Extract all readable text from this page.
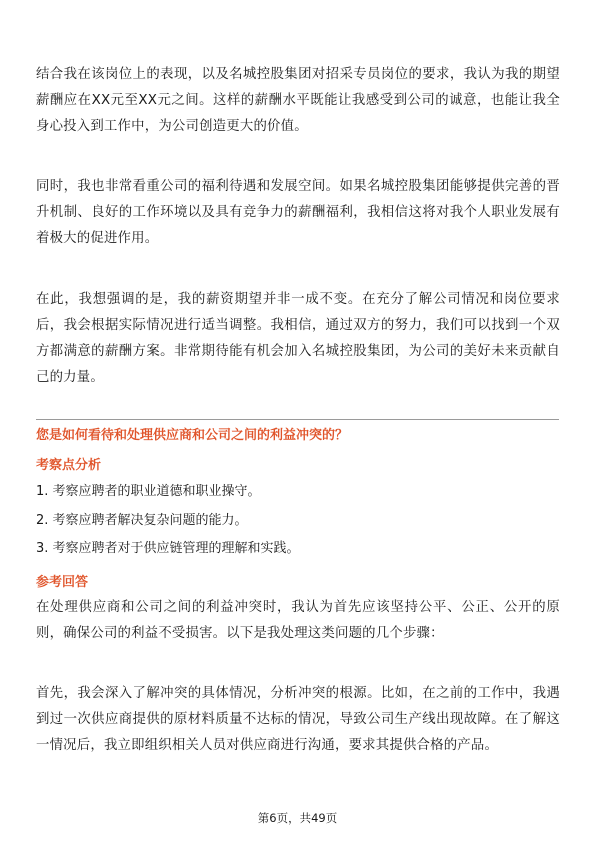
结合我在该岗位上的表现，以及名城控股集团对招采专员岗位的要求，我认为我的期望薪酬应在XX元至XX元之间。这样的薪酬水平既能让我感受到公司的诚意，也能让我全身心投入到工作中，为公司创造更大的价值。

同时，我也非常看重公司的福利待遇和发展空间。如果名城控股集团能够提供完善的晋升机制、良好的工作环境以及具有竞争力的薪酬福利，我相信这将对我个人职业发展有着极大的促进作用。

在此，我想强调的是，我的薪资期望并非一成不变。在充分了解公司情况和岗位要求后，我会根据实际情况进行适当调整。我相信，通过双方的努力，我们可以找到一个双方都满意的薪酬方案。非常期待能有机会加入名城控股集团，为公司的美好未来贡献自己的力量。

您是如何看待和处理供应商和公司之间的利益冲突的？

考察点分析

1. 考察应聘者的职业道德和职业操守。

2. 考察应聘者解决复杂问题的能力。

3. 考察应聘者对于供应链管理的理解和实践。

参考回答

在处理供应商和公司之间的利益冲突时，我认为首先应该坚持公平、公正、公开的原则，确保公司的利益不受损害。以下是我处理这类问题的几个步骤：

首先，我会深入了解冲突的具体情况，分析冲突的根源。比如，在之前的工作中，我遇到过一次供应商提供的原材料质量不达标的情况，导致公司生产线出现故障。在了解这一情况后，我立即组织相关人员对供应商进行沟通，要求其提供合格的产品。

第6页，共49页
